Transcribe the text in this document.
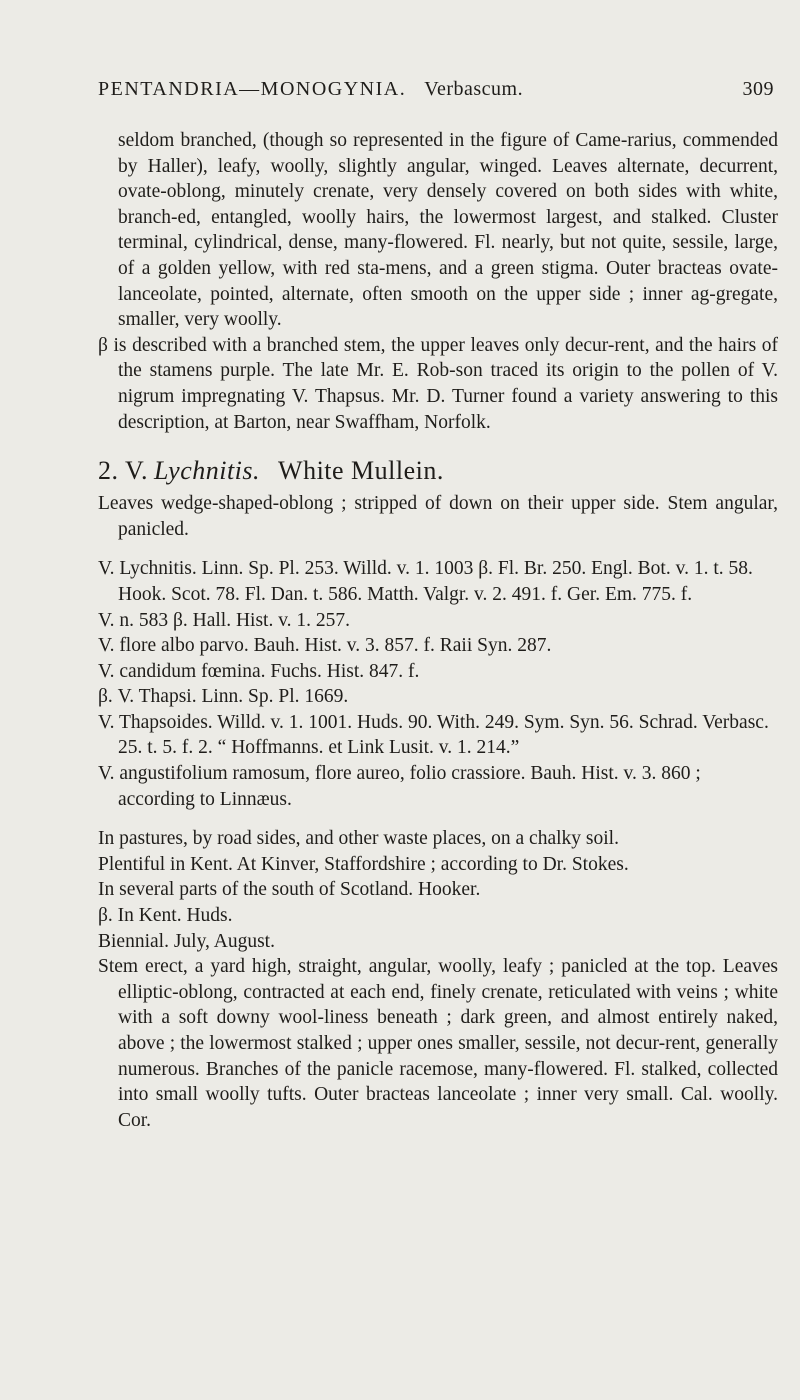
PENTANDRIA—MONOGYNIA. Verbascum.	309

seldom branched, (though so represented in the figure of Came-rarius, commended by Haller), leafy, woolly, slightly angular, winged. Leaves alternate, decurrent, ovate-oblong, minutely crenate, very densely covered on both sides with white, branch-ed, entangled, woolly hairs, the lowermost largest, and stalked. Cluster terminal, cylindrical, dense, many-flowered. Fl. nearly, but not quite, sessile, large, of a golden yellow, with red sta-mens, and a green stigma. Outer bracteas ovate-lanceolate, pointed, alternate, often smooth on the upper side ; inner ag-gregate, smaller, very woolly.

β is described with a branched stem, the upper leaves only decur-rent, and the hairs of the stamens purple. The late Mr. E. Rob-son traced its origin to the pollen of V. nigrum impregnating V. Thapsus. Mr. D. Turner found a variety answering to this description, at Barton, near Swaffham, Norfolk.

2. V. Lychnitis. White Mullein.

Leaves wedge-shaped-oblong ; stripped of down on their upper side. Stem angular, panicled.

V. Lychnitis. Linn. Sp. Pl. 253. Willd. v. 1. 1003 β. Fl. Br. 250. Engl. Bot. v. 1. t. 58. Hook. Scot. 78. Fl. Dan. t. 586. Matth. Valgr. v. 2. 491. f. Ger. Em. 775. f.

V. n. 583 β. Hall. Hist. v. 1. 257.

V. flore albo parvo. Bauh. Hist. v. 3. 857. f. Raii Syn. 287.

V. candidum fœmina. Fuchs. Hist. 847. f.

β. V. Thapsi. Linn. Sp. Pl. 1669.

V. Thapsoides. Willd. v. 1. 1001. Huds. 90. With. 249. Sym. Syn. 56. Schrad. Verbasc. 25. t. 5. f. 2. “ Hoffmanns. et Link Lusit. v. 1. 214.”

V. angustifolium ramosum, flore aureo, folio crassiore. Bauh. Hist. v. 3. 860 ; according to Linnæus.

In pastures, by road sides, and other waste places, on a chalky soil.

Plentiful in Kent. At Kinver, Staffordshire ; according to Dr. Stokes.

In several parts of the south of Scotland. Hooker.

β. In Kent. Huds.

Biennial. July, August.

Stem erect, a yard high, straight, angular, woolly, leafy ; panicled at the top. Leaves elliptic-oblong, contracted at each end, finely crenate, reticulated with veins ; white with a soft downy wool-liness beneath ; dark green, and almost entirely naked, above ; the lowermost stalked ; upper ones smaller, sessile, not decur-rent, generally numerous. Branches of the panicle racemose, many-flowered. Fl. stalked, collected into small woolly tufts. Outer bracteas lanceolate ; inner very small. Cal. woolly. Cor.
